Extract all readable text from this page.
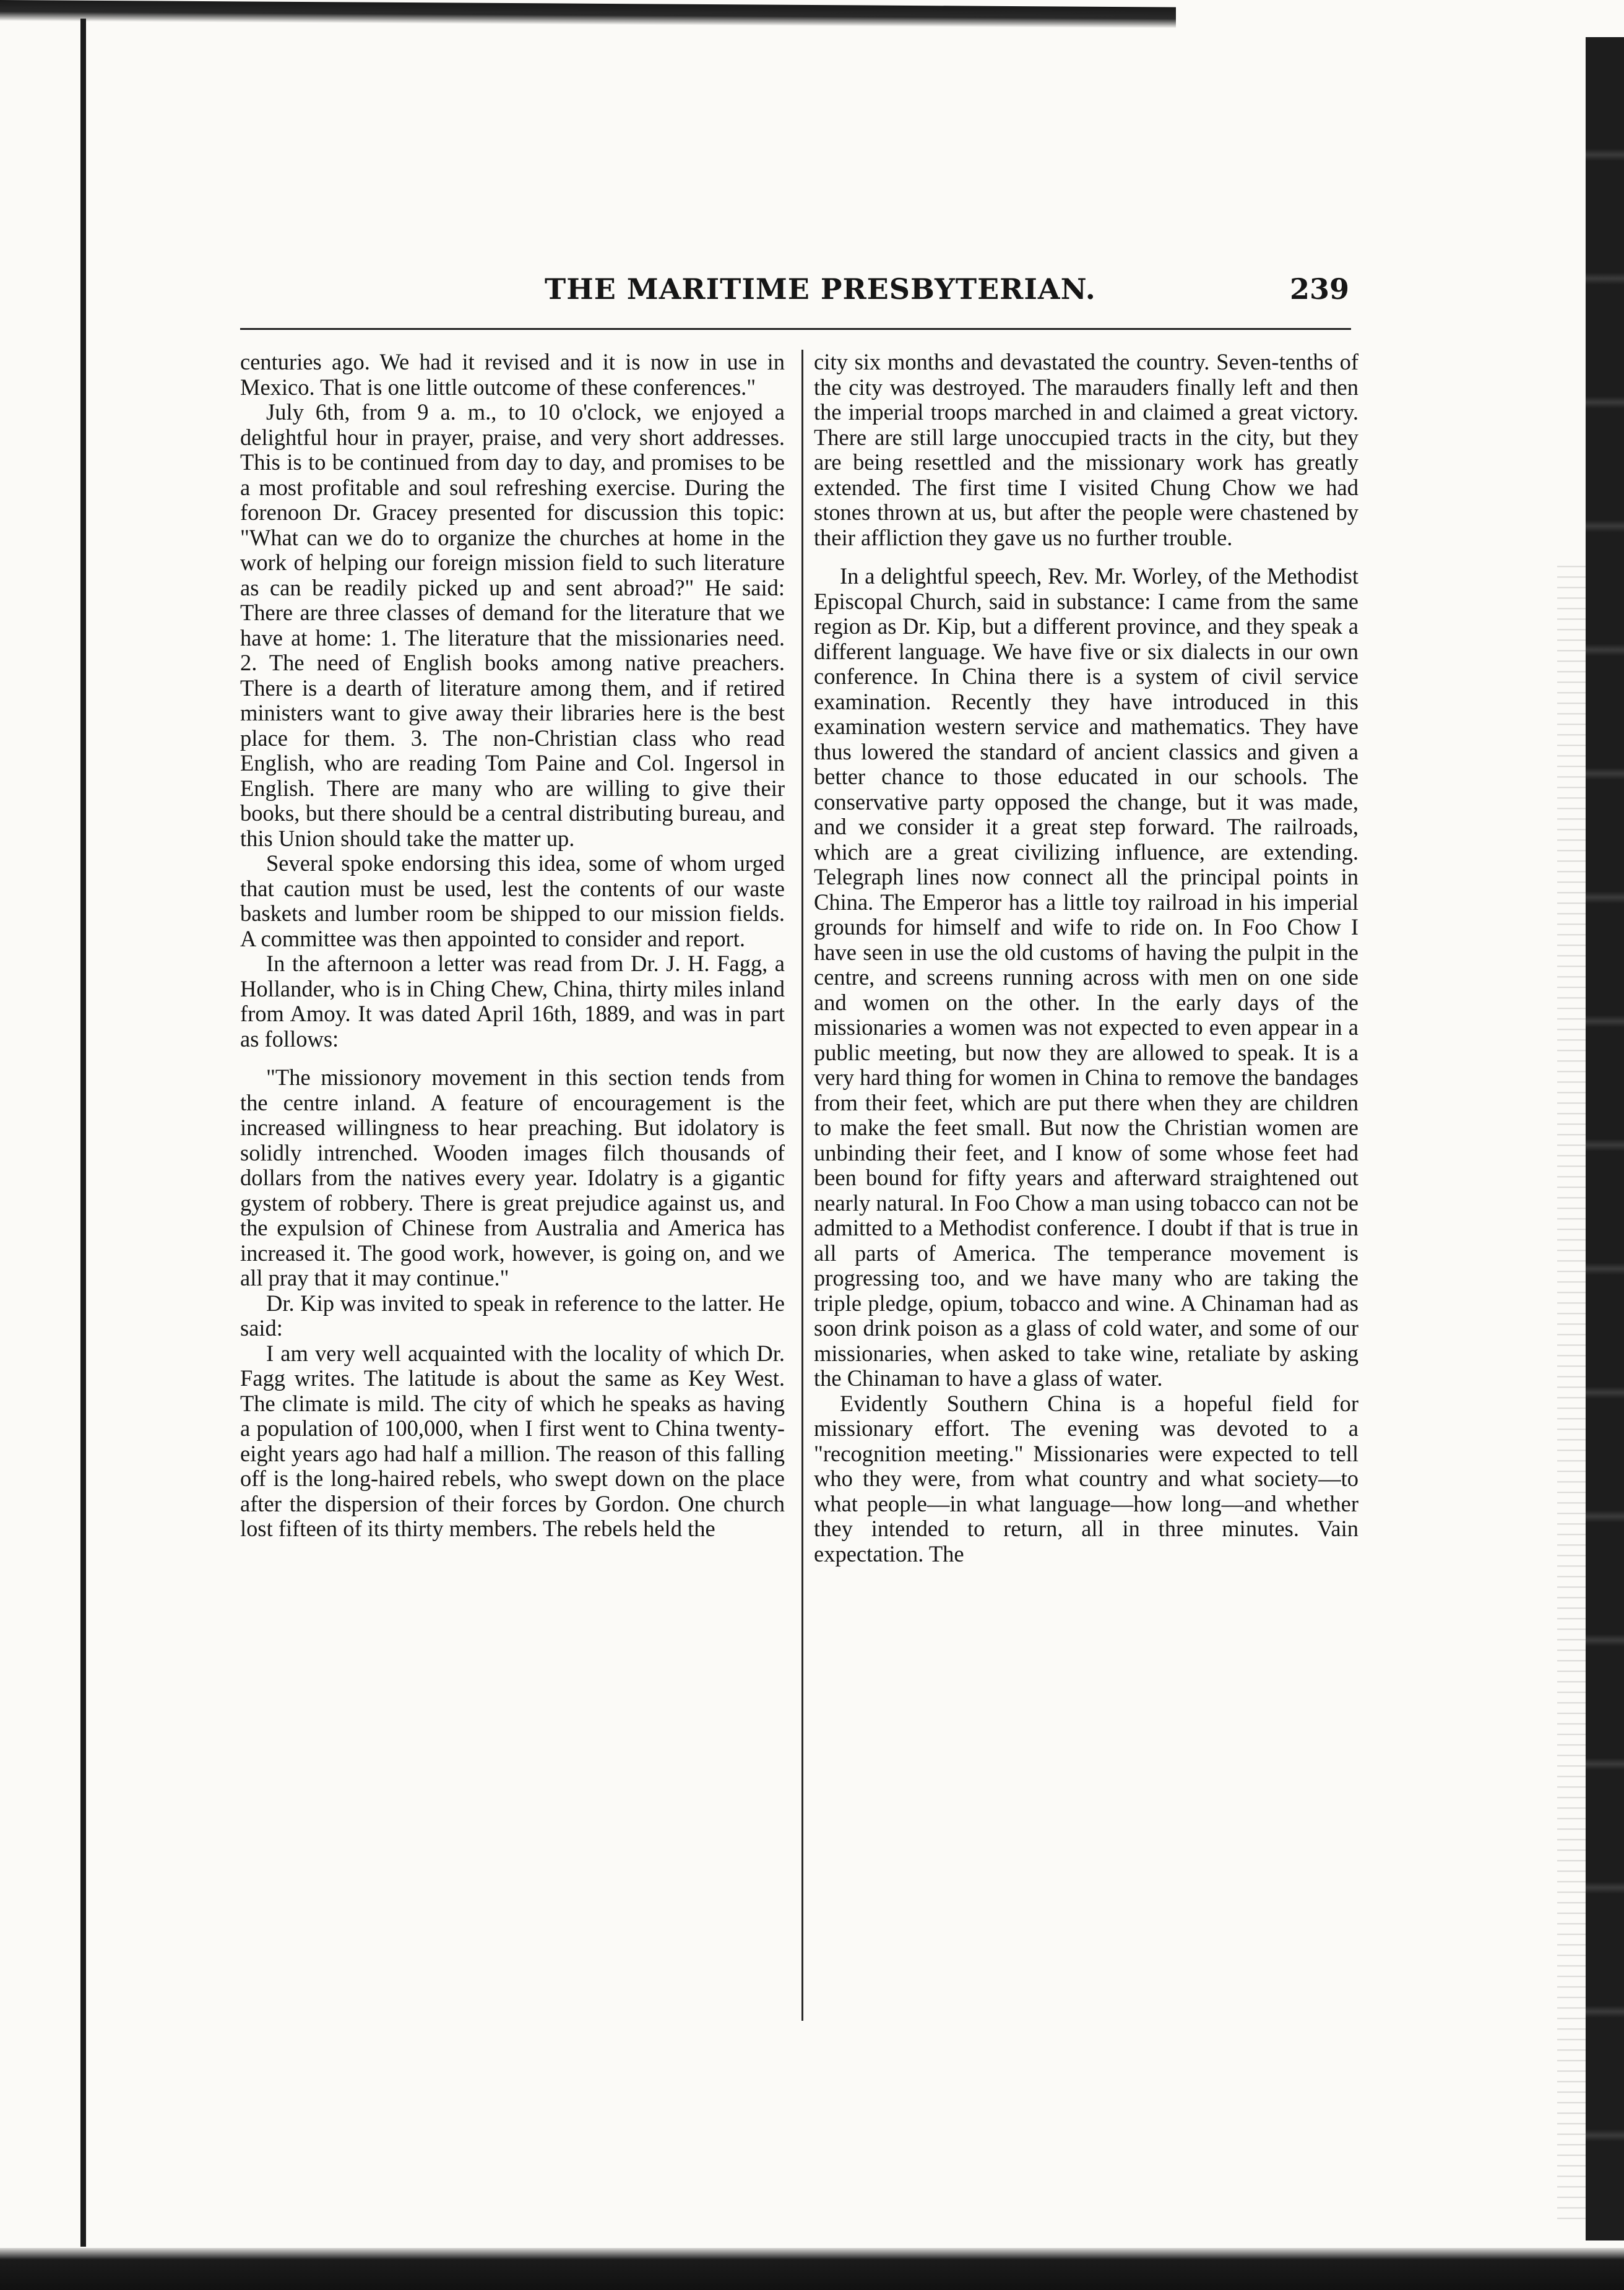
THE MARITIME PRESBYTERIAN.	239

centuries ago. We had it revised and it is now in use in Mexico. That is one little outcome of these conferences."

July 6th, from 9 a. m., to 10 o'clock, we enjoyed a delightful hour in prayer, praise, and very short addresses. This is to be continued from day to day, and promises to be a most profitable and soul refreshing exercise. During the forenoon Dr. Gracey presented for discussion this topic: "What can we do to organize the churches at home in the work of helping our foreign mission field to such literature as can be readily picked up and sent abroad?" He said: There are three classes of demand for the literature that we have at home: 1. The literature that the missionaries need. 2. The need of English books among native preachers. There is a dearth of literature among them, and if retired ministers want to give away their libraries here is the best place for them. 3. The non-Christian class who read English, who are reading Tom Paine and Col. Ingersol in English. There are many who are willing to give their books, but there should be a central distributing bureau, and this Union should take the matter up.

Several spoke endorsing this idea, some of whom urged that caution must be used, lest the contents of our waste baskets and lumber room be shipped to our mission fields. A committee was then appointed to consider and report.

In the afternoon a letter was read from Dr. J. H. Fagg, a Hollander, who is in Ching Chew, China, thirty miles inland from Amoy. It was dated April 16th, 1889, and was in part as follows:

"The missionory movement in this section tends from the centre inland. A feature of encouragement is the increased willingness to hear preaching. But idolatory is solidly intrenched. Wooden images filch thousands of dollars from the natives every year. Idolatry is a gigantic gystem of robbery. There is great prejudice against us, and the expulsion of Chinese from Australia and America has increased it. The good work, however, is going on, and we all pray that it may continue."

Dr. Kip was invited to speak in reference to the latter. He said:

I am very well acquainted with the locality of which Dr. Fagg writes. The latitude is about the same as Key West. The climate is mild. The city of which he speaks as having a population of 100,000, when I first went to China twenty-eight years ago had half a million. The reason of this falling off is the long-haired rebels, who swept down on the place after the dispersion of their forces by Gordon. One church lost fifteen of its thirty members. The rebels held the

city six months and devastated the country. Seven-tenths of the city was destroyed. The marauders finally left and then the imperial troops marched in and claimed a great victory. There are still large unoccupied tracts in the city, but they are being resettled and the missionary work has greatly extended. The first time I visited Chung Chow we had stones thrown at us, but after the people were chastened by their affliction they gave us no further trouble.

In a delightful speech, Rev. Mr. Worley, of the Methodist Episcopal Church, said in substance: I came from the same region as Dr. Kip, but a different province, and they speak a different language. We have five or six dialects in our own conference. In China there is a system of civil service examination. Recently they have introduced in this examination western service and mathematics. They have thus lowered the standard of ancient classics and given a better chance to those educated in our schools. The conservative party opposed the change, but it was made, and we consider it a great step forward. The railroads, which are a great civilizing influence, are extending. Telegraph lines now connect all the principal points in China. The Emperor has a little toy railroad in his imperial grounds for himself and wife to ride on. In Foo Chow I have seen in use the old customs of having the pulpit in the centre, and screens running across with men on one side and women on the other. In the early days of the missionaries a women was not expected to even appear in a public meeting, but now they are allowed to speak. It is a very hard thing for women in China to remove the bandages from their feet, which are put there when they are children to make the feet small. But now the Christian women are unbinding their feet, and I know of some whose feet had been bound for fifty years and afterward straightened out nearly natural. In Foo Chow a man using tobacco can not be admitted to a Methodist conference. I doubt if that is true in all parts of America. The temperance movement is progressing too, and we have many who are taking the triple pledge, opium, tobacco and wine. A Chinaman had as soon drink poison as a glass of cold water, and some of our missionaries, when asked to take wine, retaliate by asking the Chinaman to have a glass of water.

Evidently Southern China is a hopeful field for missionary effort. The evening was devoted to a "recognition meeting." Missionaries were expected to tell who they were, from what country and what society—to what people—in what language—how long—and whether they intended to return, all in three minutes. Vain expectation. The
